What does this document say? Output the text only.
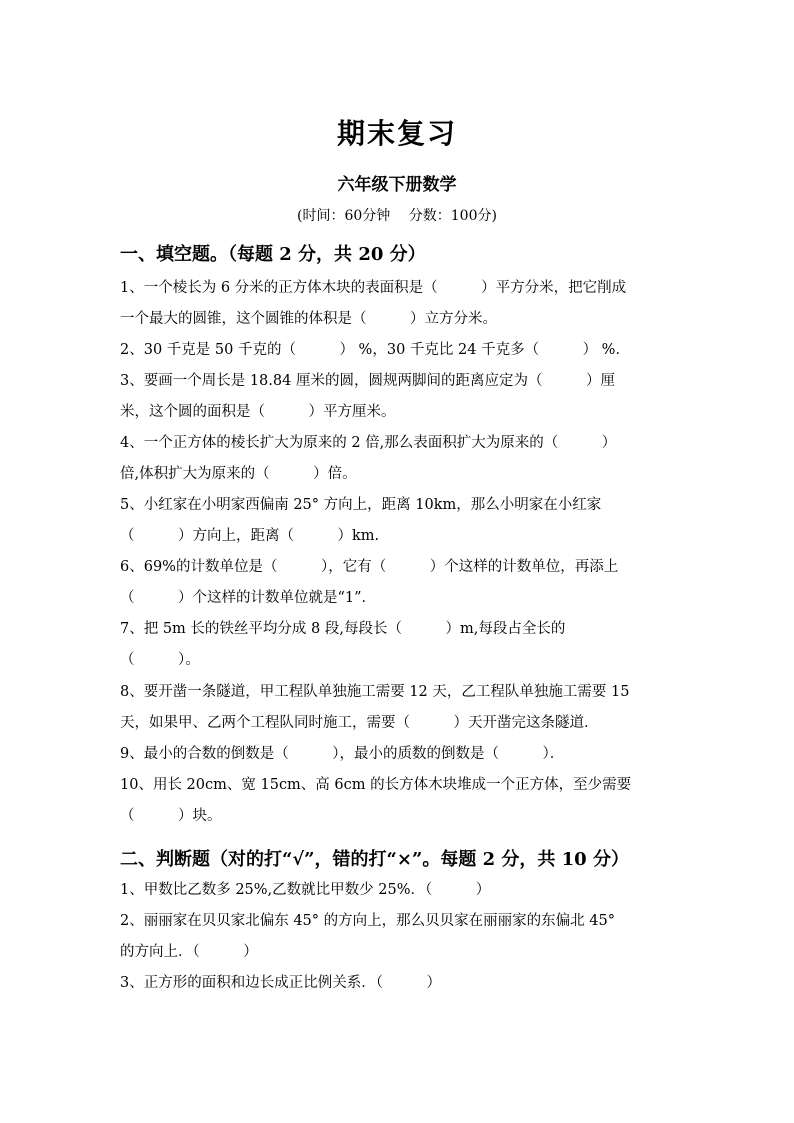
期末复习
六年级下册数学
(时间：60分钟　 分数：100分)
一、填空题。（每题 2 分，共 20 分）
1、一个棱长为 6 分米的正方体木块的表面积是（　　　）平方分米，把它削成
一个最大的圆锥，这个圆锥的体积是（　　　）立方分米。
2、30 千克是 50 千克的（　　　） %，30 千克比 24 千克多（　　　） %．
3、要画一个周长是 18.84 厘米的圆，圆规两脚间的距离应定为（　　　）厘
米，这个圆的面积是（　　　）平方厘米。
4、一个正方体的棱长扩大为原来的 2 倍,那么表面积扩大为原来的（　　　）
倍,体积扩大为原来的（　　　）倍。
5、小红家在小明家西偏南 25° 方向上，距离 10km，那么小明家在小红家
（　　　）方向上，距离（　　　）km.
6、69%的计数单位是（　　　），它有（　　　）个这样的计数单位，再添上
（　　　）个这样的计数单位就是“1”．
7、把 5m 长的铁丝平均分成 8 段,每段长（　　　）m,每段占全长的
（　　　）。
8、要开凿一条隧道，甲工程队单独施工需要 12 天，乙工程队单独施工需要 15
天，如果甲、乙两个工程队同时施工，需要（　　　）天开凿完这条隧道．
9、最小的合数的倒数是（　　　），最小的质数的倒数是（　　　）．
10、用长 20cm、宽 15cm、高 6cm 的长方体木块堆成一个正方体，至少需要
（　　　）块。
二、判断题（对的打“√”，错的打“×”。每题 2 分，共 10 分）
1、甲数比乙数多 25%,乙数就比甲数少 25%．（　　　）
2、丽丽家在贝贝家北偏东 45° 的方向上，那么贝贝家在丽丽家的东偏北 45°
的方向上．（　　　）
3、正方形的面积和边长成正比例关系．（　　　）
